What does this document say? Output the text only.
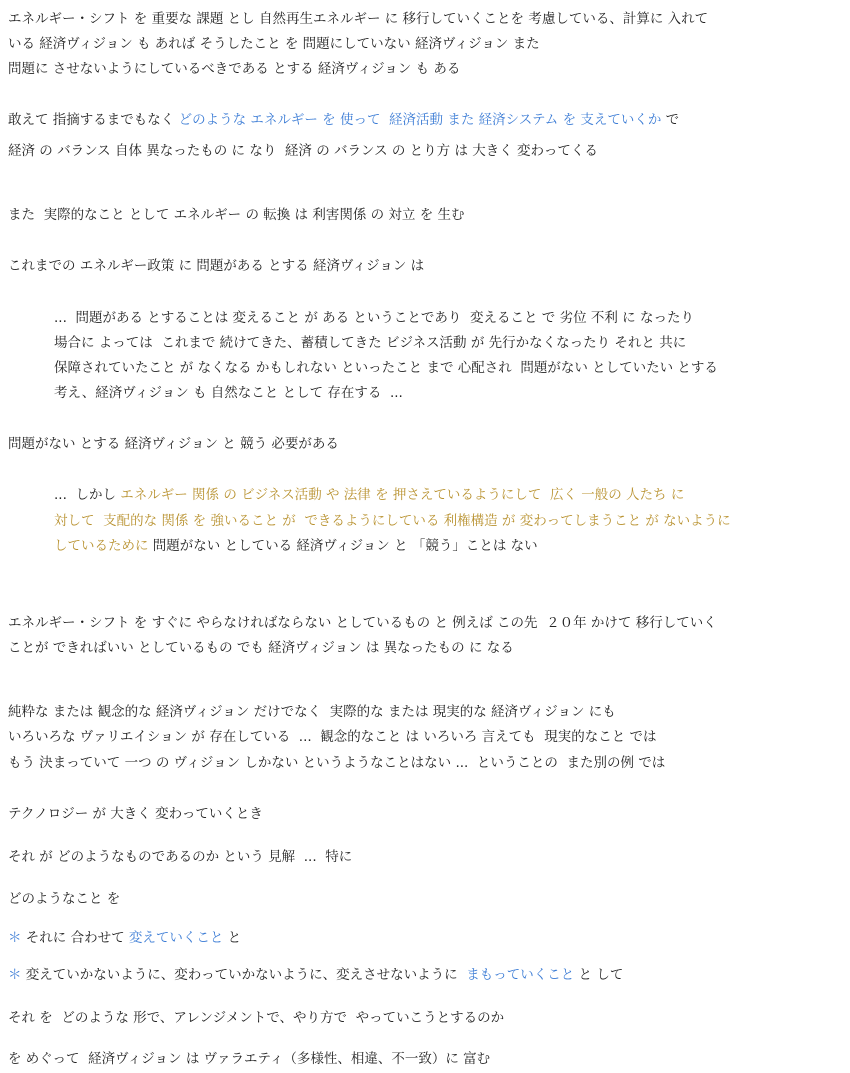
エネルギー・シフト を 重要な 課題 とし 自然再生エネルギー に 移行していくことを 考慮している、計算に 入れて
いる 経済ヴィジョン も あれば そうしたこと を 問題にしていない 経済ヴィジョン また
問題に させないようにしているべきである とする 経済ヴィジョン も ある
敢えて 指摘するまでもなく どのような エネルギー を 使って  経済活動 また 経済システム を 支えていくか で
経済 の バランス 自体 異なったもの に なり  経済 の バランス の とり方 は 大きく 変わってくる
また  実際的なこと として エネルギー の 転換 は 利害関係 の 対立 を 生む
これまでの エネルギー政策 に 問題がある とする 経済ヴィジョン は
...  問題がある とすることは 変えること が ある ということであり  変えること で 劣位 不利 に なったり
場合に よっては  これまで 続けてきた、蓄積してきた ビジネス活動 が 先行かなくなったり それと 共に
保障されていたこと が なくなる かもしれない といったこと まで 心配され  問題がない としていたい とする
考え、経済ヴィジョン も 自然なこと として 存在する  ...
問題がない とする 経済ヴィジョン と 競う 必要がある
...  しかし エネルギー 関係 の ビジネス活動 や 法律 を 押さえているようにして  広く 一般の 人たち に
対して  支配的な 関係 を 強いること が  できるようにしている 利権構造 が 変わってしまうこと が ないように
しているために 問題がない としている 経済ヴィジョン と 「競う」ことは ない
エネルギー・シフト を すぐに やらなければならない としているもの と 例えば この先  ２０年 かけて 移行していく
ことが できればいい としているもの でも 経済ヴィジョン は 異なったもの に なる
純粋な または 観念的な 経済ヴィジョン だけでなく  実際的な または 現実的な 経済ヴィジョン にも
いろいろな ヴァリエイション が 存在している  ...  観念的なこと は いろいろ 言えても  現実的なこと では
もう 決まっていて 一つ の ヴィジョン しかない というようなことはない ...  ということの  また別の例 では
テクノロジー が 大きく 変わっていくとき
それ が どのようなものであるのか という 見解  ...  特に
どのようなこと を
＊ それに 合わせて 変えていくこと と
＊ 変えていかないように、変わっていかないように、変えさせないように  まもっていくこと と して
それ を  どのような 形で、アレンジメントで、やり方で  やっていこうとするのか
を めぐって  経済ヴィジョン は ヴァラエティ（多様性、相違、不一致）に 富む
